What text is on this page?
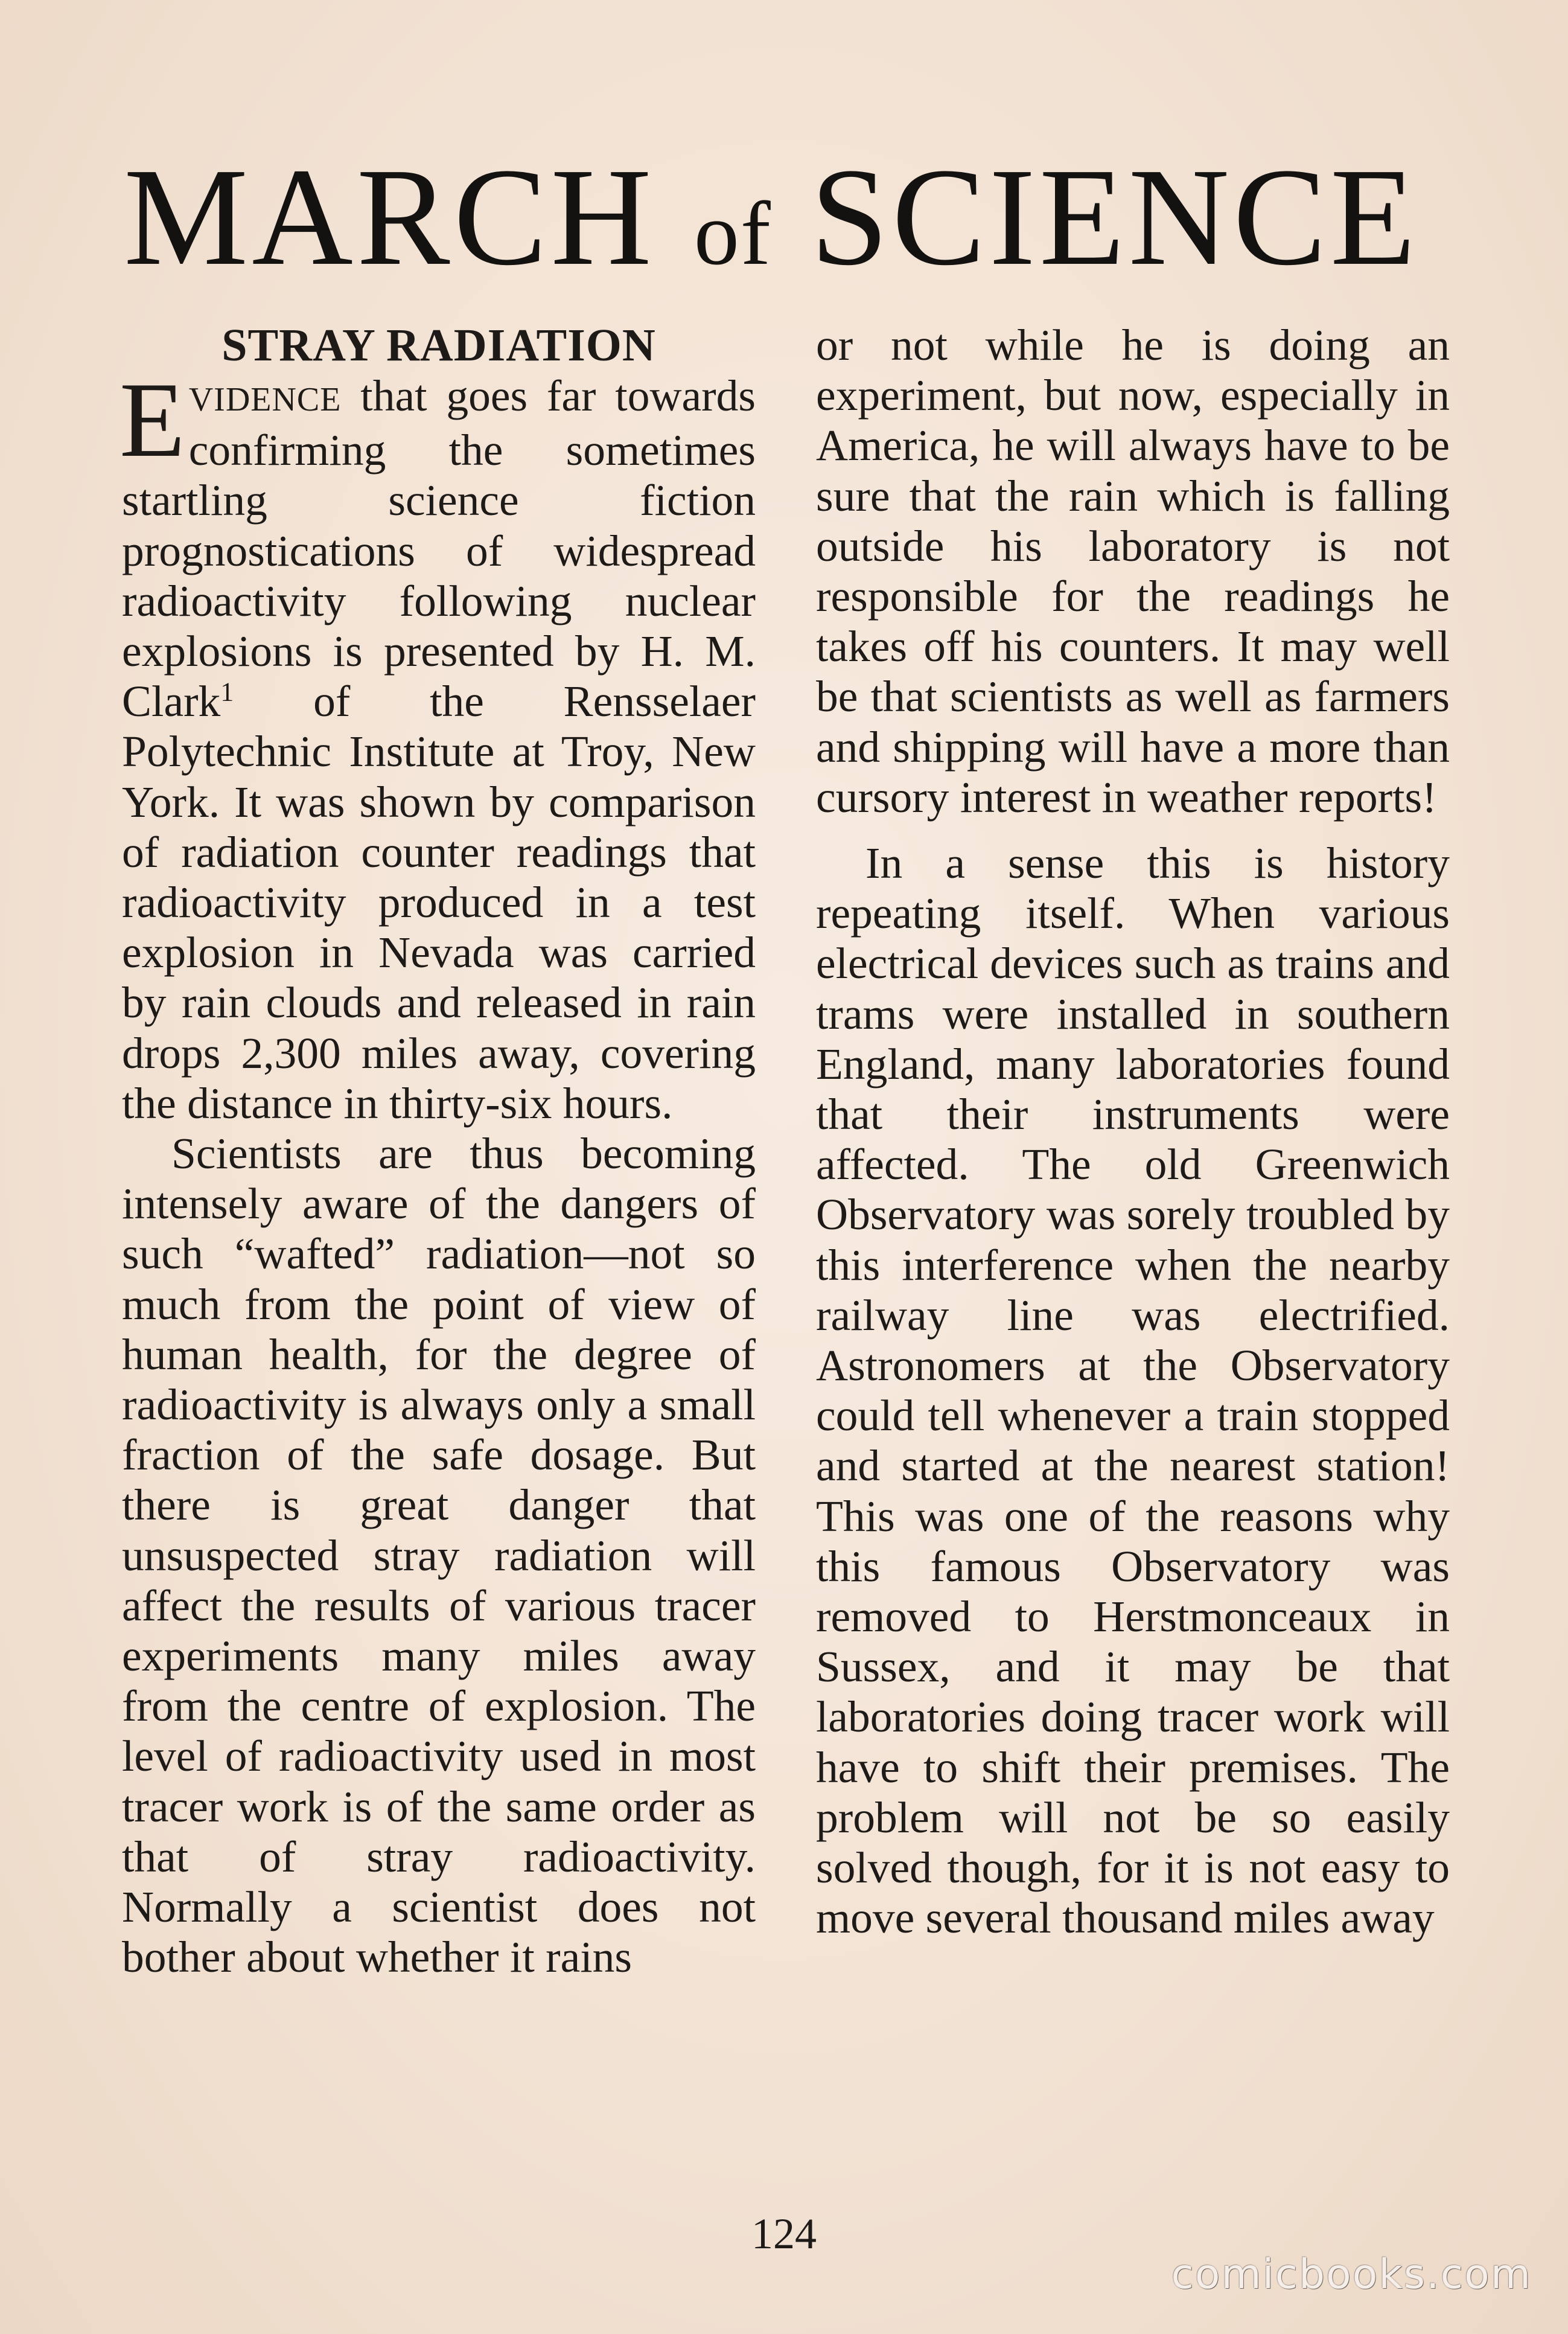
MARCH of SCIENCE
STRAY RADIATION

EVIDENCE that goes far towards confirming the sometimes startling science fiction prognostications of widespread radioactivity following nuclear explosions is presented by H. M. Clark$^1$ of the Rensselaer Polytechnic Institute at Troy, New York. It was shown by comparison of radiation counter readings that radioactivity produced in a test explosion in Nevada was carried by rain clouds and released in rain drops 2,300 miles away, covering the distance in thirty-six hours.

Scientists are thus becoming intensely aware of the dangers of such “wafted” radiation—not so much from the point of view of human health, for the degree of radioactivity is always only a small fraction of the safe dosage. But there is great danger that unsuspected stray radiation will affect the results of various tracer experiments many miles away from the centre of explosion. The level of radioactivity used in most tracer work is of the same order as that of stray radioactivity. Normally a scientist does not bother about whether it rains

or not while he is doing an experiment, but now, especially in America, he will always have to be sure that the rain which is falling outside his laboratory is not responsible for the readings he takes off his counters. It may well be that scientists as well as farmers and shipping will have a more than cursory interest in weather reports!

In a sense this is history repeating itself. When various electrical devices such as trains and trams were installed in southern England, many laboratories found that their instruments were affected. The old Greenwich Observatory was sorely troubled by this interference when the nearby railway line was electrified. Astronomers at the Observatory could tell whenever a train stopped and started at the nearest station! This was one of the reasons why this famous Observatory was removed to Herstmonceaux in Sussex, and it may be that laboratories doing tracer work will have to shift their premises. The problem will not be so easily solved though, for it is not easy to move several thousand miles away

124
comicbooks.com
